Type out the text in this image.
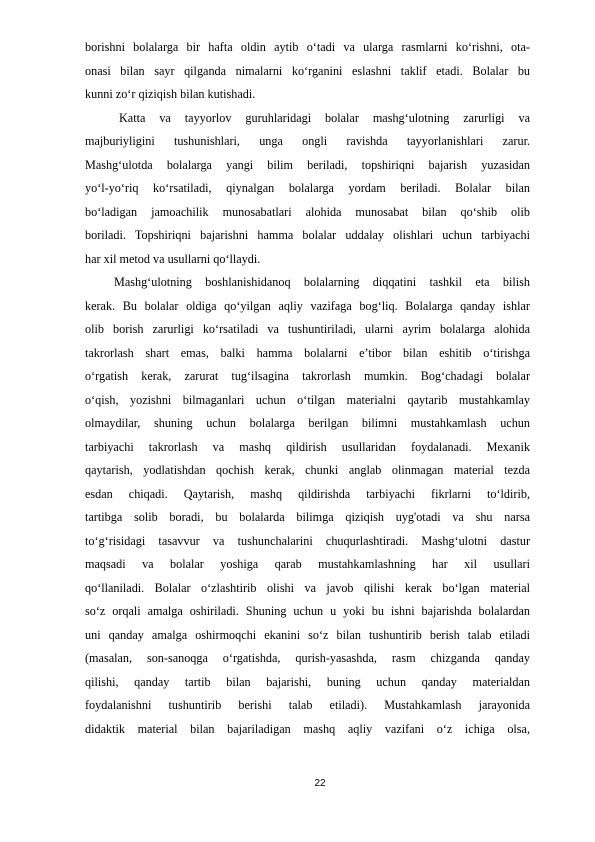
borishni bolalarga bir hafta oldin aytib o‘tadi va ularga rasmlarni ko‘rishni, ota-
onasi bilan sayr qilganda nimalarni ko‘rganini eslashni taklif etadi. Bolalar bu
kunni zo‘r qiziqish bilan kutishadi.
Katta va tayyorlov guruhlaridagi bolalar mashg‘ulotning zarurligi va
majburiyligini tushunishlari, unga ongli ravishda tayyorlanishlari zarur.
Mashg‘ulotda bolalarga yangi bilim beriladi, topshiriqni bajarish yuzasidan
yo‘l-yo‘riq ko‘rsatiladi, qiynalgan bolalarga yordam beriladi. Bolalar bilan
bo‘ladigan jamoachilik munosabatlari alohida munosabat bilan qo‘shib olib
boriladi. Topshiriqni bajarishni hamma bolalar uddalay olishlari uchun tarbiyachi
har xil metod va usullarni qo‘llaydi.
Mashg‘ulotning boshlanishidanoq bolalarning diqqatini tashkil eta bilish
kerak. Bu bolalar oldiga qo‘yilgan aqliy vazifaga bog‘liq. Bolalarga qanday ishlar
olib borish zarurligi ko‘rsatiladi va tushuntiriladi, ularni ayrim bolalarga alohida
takrorlash shart emas, balki hamma bolalarni e’tibor bilan eshitib o‘tirishga
o‘rgatish kerak, zarurat tug‘ilsagina takrorlash mumkin. Bog‘chadagi bolalar
o‘qish, yozishni bilmaganlari uchun o‘tilgan materialni qaytarib mustahkamlay
olmaydilar, shuning uchun bolalarga berilgan bilimni mustahkamlash uchun
tarbiyachi takrorlash va mashq qildirish usullaridan foydalanadi. Mexanik
qaytarish, yodlatishdan qochish kerak, chunki anglab olinmagan material tezda
esdan chiqadi. Qaytarish, mashq qildirishda tarbiyachi fikrlarni to‘ldirib,
tartibga solib boradi, bu bolalarda bilimga qiziqish uyg'otadi va shu narsa
to‘g‘risidagi tasavvur va tushunchalarini chuqurlashtiradi. Mashg‘ulotni dastur
maqsadi va bolalar yoshiga qarab mustahkamlashning har xil usullari
qo‘llaniladi. Bolalar o‘zlashtirib olishi va javob qilishi kerak bo‘lgan material
so‘z orqali amalga oshiriladi. Shuning uchun u yoki bu ishni bajarishda bolalardan
uni qanday amalga oshirmoqchi ekanini so‘z bilan tushuntirib berish talab etiladi
(masalan, son-sanoqga o‘rgatishda, qurish-yasashda, rasm chizganda qanday
qilishi, qanday tartib bilan bajarishi, buning uchun qanday materialdan
foydalanishni tushuntirib berishi talab etiladi). Mustahkamlash jarayonida
didaktik material bilan bajariladigan mashq aqliy vazifani o‘z ichiga olsa,
22
